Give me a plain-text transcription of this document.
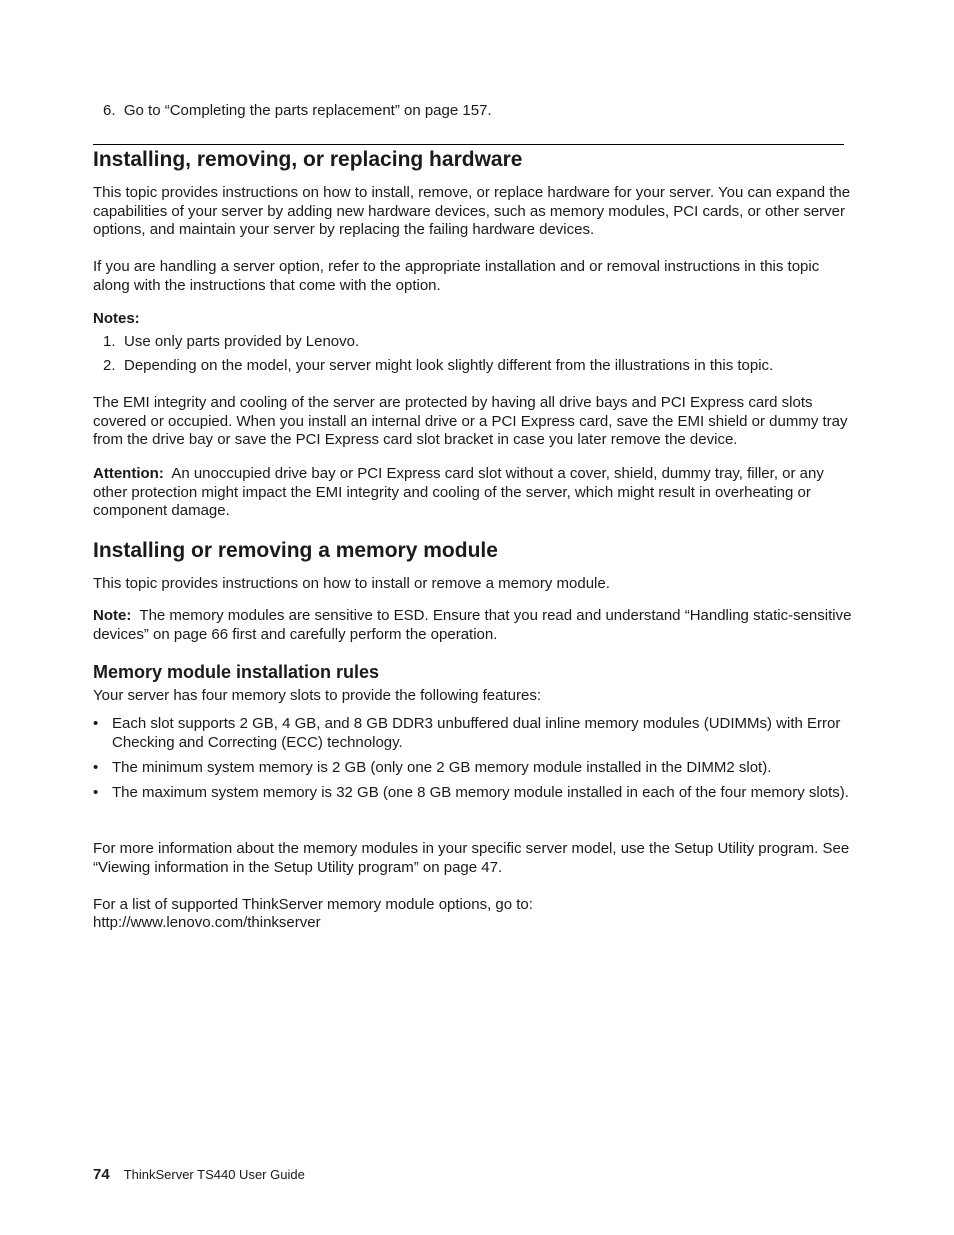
6. Go to “Completing the parts replacement” on page 157.

Installing, removing, or replacing hardware

This topic provides instructions on how to install, remove, or replace hardware for your server. You can expand the capabilities of your server by adding new hardware devices, such as memory modules, PCI cards, or other server options, and maintain your server by replacing the failing hardware devices.

If you are handling a server option, refer to the appropriate installation and or removal instructions in this topic along with the instructions that come with the option.

Notes:

1. Use only parts provided by Lenovo.
2. Depending on the model, your server might look slightly different from the illustrations in this topic.

The EMI integrity and cooling of the server are protected by having all drive bays and PCI Express card slots covered or occupied. When you install an internal drive or a PCI Express card, save the EMI shield or dummy tray from the drive bay or save the PCI Express card slot bracket in case you later remove the device.

Attention: An unoccupied drive bay or PCI Express card slot without a cover, shield, dummy tray, filler, or any other protection might impact the EMI integrity and cooling of the server, which might result in overheating or component damage.

Installing or removing a memory module

This topic provides instructions on how to install or remove a memory module.

Note: The memory modules are sensitive to ESD. Ensure that you read and understand “Handling static-sensitive devices” on page 66 first and carefully perform the operation.

Memory module installation rules

Your server has four memory slots to provide the following features:

• Each slot supports 2 GB, 4 GB, and 8 GB DDR3 unbuffered dual inline memory modules (UDIMMs) with Error Checking and Correcting (ECC) technology.
• The minimum system memory is 2 GB (only one 2 GB memory module installed in the DIMM2 slot).
• The maximum system memory is 32 GB (one 8 GB memory module installed in each of the four memory slots).

For more information about the memory modules in your specific server model, use the Setup Utility program. See “Viewing information in the Setup Utility program” on page 47.

For a list of supported ThinkServer memory module options, go to:

http://www.lenovo.com/thinkserver

74 ThinkServer TS440 User Guide
